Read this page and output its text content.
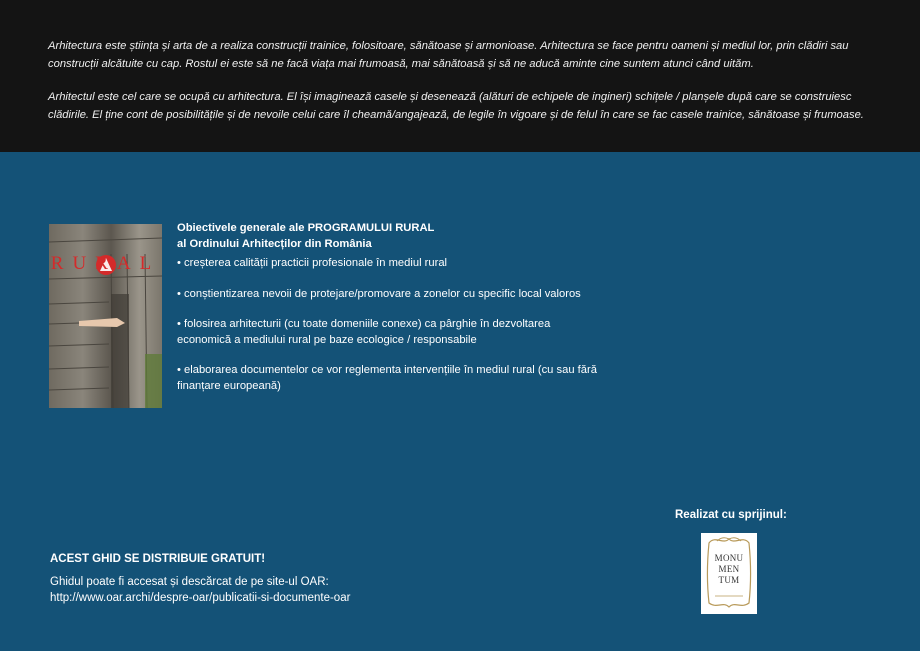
Arhitectura este știința și arta de a realiza construcții trainice, folositoare, sănătoase și armonioase. Arhitectura se face pentru oameni și mediul lor, prin clădiri sau construcții alcătuite cu cap. Rostul ei este să ne facă viața mai frumoasă, mai sănătoasă și să ne aducă aminte cine suntem atunci când uităm.

Arhitectul este cel care se ocupă cu arhitectura. El își imaginează casele și desenează (alături de echipele de ingineri) schițele / planșele după care se construiesc clădirile. El ține cont de posibilitățile și de nevoile celui care îl cheamă/angajează, de legile în vigoare și de felul în care se fac casele trainice, sănătoase și frumoase.

RURAL

Obiectivele generale ale PROGRAMULUI RURAL
al Ordinului Arhitecților din România

• creșterea calității practicii profesionale în mediul rural
• conștientizarea nevoii de protejare/promovare a zonelor cu specific local valoros
• folosirea arhitecturii (cu toate domeniile conexe) ca pârghie în dezvoltarea economică a mediului rural pe baze ecologice / responsabile
• elaborarea documentelor ce vor reglementa intervențiile în mediul rural (cu sau fără finanțare europeană)
Realizat cu sprijinul:
MONU
MEN
TUM
ACEST GHID SE DISTRIBUIE GRATUIT!
Ghidul poate fi accesat și descărcat de pe site-ul OAR:
http://www.oar.archi/despre-oar/publicatii-si-documente-oar
